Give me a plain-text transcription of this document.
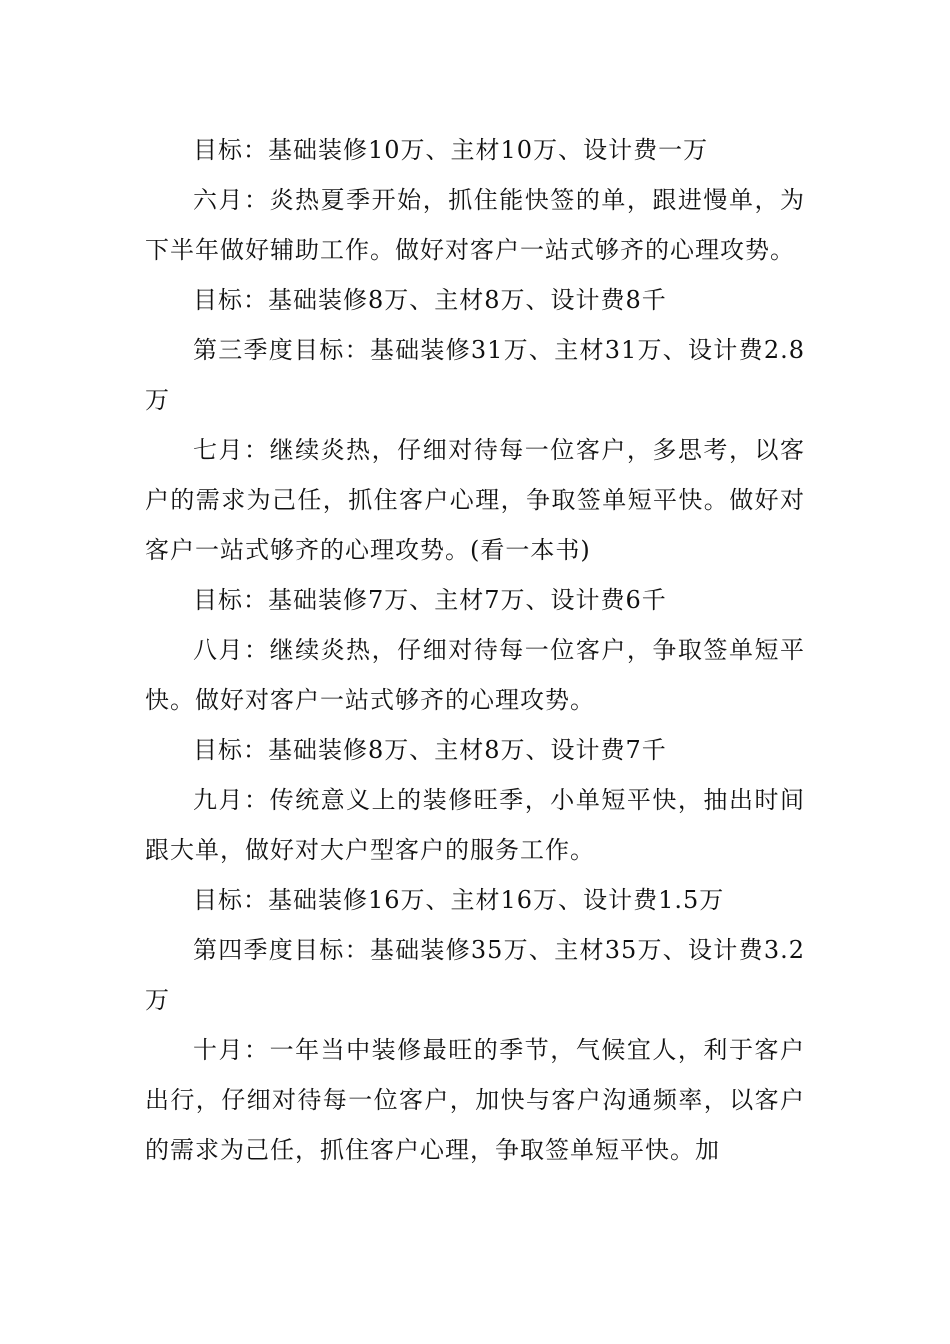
目标：基础装修10万、主材10万、设计费一万

六月：炎热夏季开始，抓住能快签的单，跟进慢单，为下半年做好辅助工作。做好对客户一站式够齐的心理攻势。

目标：基础装修8万、主材8万、设计费8千

第三季度目标：基础装修31万、主材31万、设计费2.8万

七月：继续炎热，仔细对待每一位客户，多思考，以客户的需求为己任，抓住客户心理，争取签单短平快。做好对客户一站式够齐的心理攻势。(看一本书)

目标：基础装修7万、主材7万、设计费6千

八月：继续炎热，仔细对待每一位客户，争取签单短平快。做好对客户一站式够齐的心理攻势。

目标：基础装修8万、主材8万、设计费7千

九月：传统意义上的装修旺季，小单短平快，抽出时间跟大单，做好对大户型客户的服务工作。

目标：基础装修16万、主材16万、设计费1.5万

第四季度目标：基础装修35万、主材35万、设计费3.2万

十月：一年当中装修最旺的季节，气候宜人，利于客户出行，仔细对待每一位客户，加快与客户沟通频率，以客户的需求为己任，抓住客户心理，争取签单短平快。加
